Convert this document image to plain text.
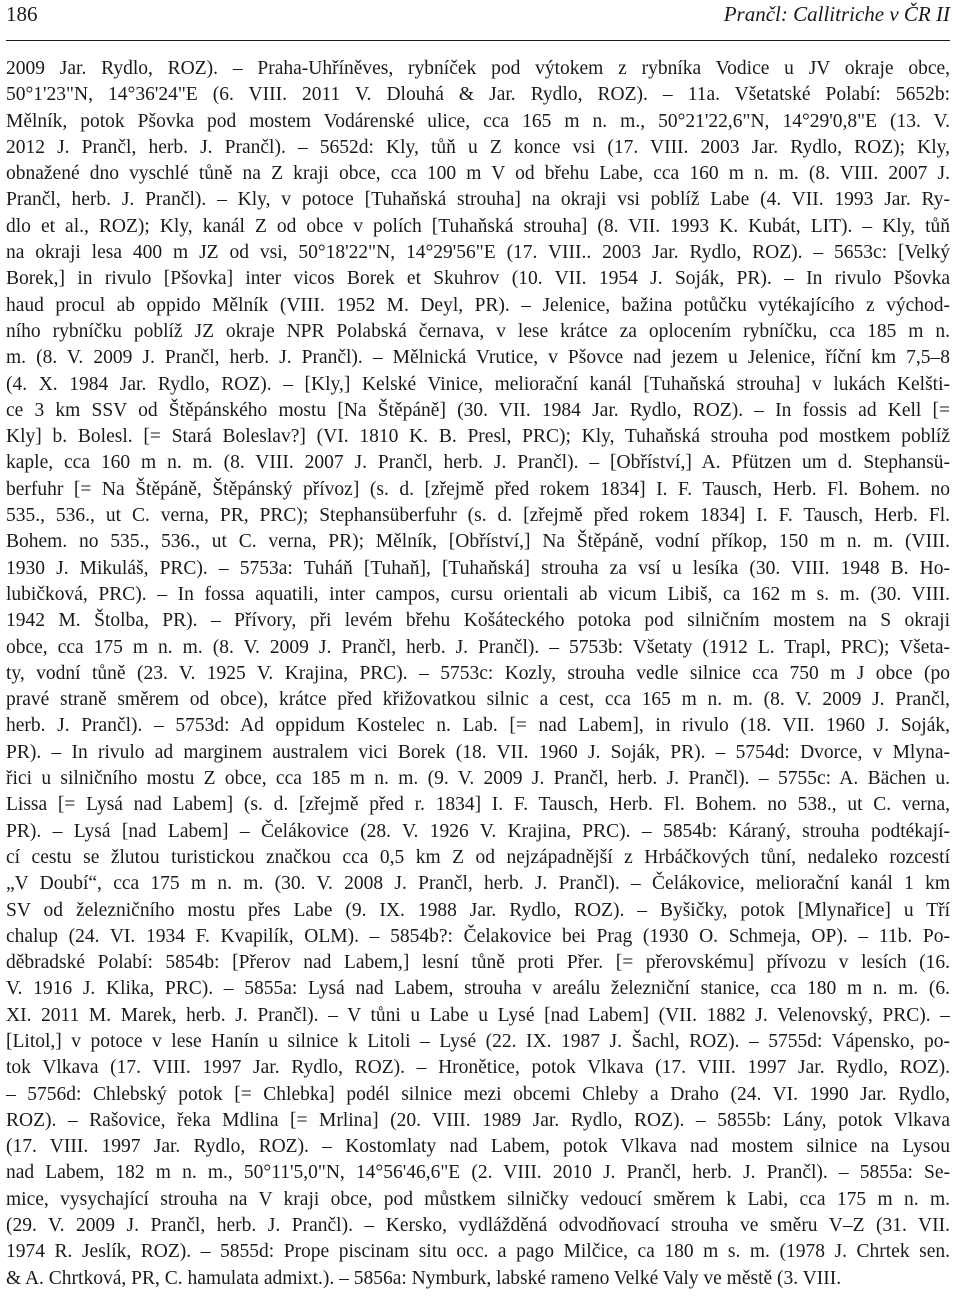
186	Prančl: Callitriche v ČR II
2009 Jar. Rydlo, ROZ). – Praha-Uhříněves, rybníček pod výtokem z rybníka Vodice u JV okraje obce,
50°1'23"N, 14°36'24"E (6. VIII. 2011 V. Dlouhá & Jar. Rydlo, ROZ). – 11a. Všetatské Polabí: 5652b:
Mělník, potok Pšovka pod mostem Vodárenské ulice, cca 165 m n. m., 50°21'22,6"N, 14°29'0,8"E (13. V.
2012 J. Prančl, herb. J. Prančl). – 5652d: Kly, tůň u Z konce vsi (17. VIII. 2003 Jar. Rydlo, ROZ); Kly,
obnažené dno vyschlé tůně na Z kraji obce, cca 100 m V od břehu Labe, cca 160 m n. m. (8. VIII. 2007 J.
Prančl, herb. J. Prančl). – Kly, v potoce [Tuhaňská strouha] na okraji vsi poblíž Labe (4. VII. 1993 Jar. Ry-
dlo et al., ROZ); Kly, kanál Z od obce v polích [Tuhaňská strouha] (8. VII. 1993 K. Kubát, LIT). – Kly, tůň
na okraji lesa 400 m JZ od vsi, 50°18'22"N, 14°29'56"E (17. VIII.. 2003 Jar. Rydlo, ROZ). – 5653c: [Velký
Borek,] in rivulo [Pšovka] inter vicos Borek et Skuhrov (10. VII. 1954 J. Soják, PR). – In rivulo Pšovka
haud procul ab oppido Mělník (VIII. 1952 M. Deyl, PR). – Jelenice, bažina potůčku vytékajícího z východ-
ního rybníčku poblíž JZ okraje NPR Polabská černava, v lese krátce za oplocením rybníčku, cca 185 m n.
m. (8. V. 2009 J. Prančl, herb. J. Prančl). – Mělnická Vrutice, v Pšovce nad jezem u Jelenice, říční km 7,5–8
(4. X. 1984 Jar. Rydlo, ROZ). – [Kly,] Kelské Vinice, meliorační kanál [Tuhaňská strouha] v lukách Kelšti-
ce 3 km SSV od Štěpánského mostu [Na Štěpáně] (30. VII. 1984 Jar. Rydlo, ROZ). – In fossis ad Kell [=
Kly] b. Bolesl. [= Stará Boleslav?] (VI. 1810 K. B. Presl, PRC); Kly, Tuhaňská strouha pod mostkem poblíž
kaple, cca 160 m n. m. (8. VIII. 2007 J. Prančl, herb. J. Prančl). – [Obříství,] A. Pfützen um d. Stephansü-
berfuhr [= Na Štěpáně, Štěpánský přívoz] (s. d. [zřejmě před rokem 1834] I. F. Tausch, Herb. Fl. Bohem. no
535., 536., ut C. verna, PR, PRC); Stephansüberfuhr (s. d. [zřejmě před rokem 1834] I. F. Tausch, Herb. Fl.
Bohem. no 535., 536., ut C. verna, PR); Mělník, [Obříství,] Na Štěpáně, vodní příkop, 150 m n. m. (VIII.
1930 J. Mikuláš, PRC). – 5753a: Tuháň [Tuhaň], [Tuhaňská] strouha za vsí u lesíka (30. VIII. 1948 B. Ho-
lubičková, PRC). – In fossa aquatili, inter campos, cursu orientali ab vicum Libiš, ca 162 m s. m. (30. VIII.
1942 M. Štolba, PR). – Přívory, při levém břehu Košáteckého potoka pod silničním mostem na S okraji
obce, cca 175 m n. m. (8. V. 2009 J. Prančl, herb. J. Prančl). – 5753b: Všetaty (1912 L. Trapl, PRC); Všeta-
ty, vodní tůně (23. V. 1925 V. Krajina, PRC). – 5753c: Kozly, strouha vedle silnice cca 750 m J obce (po
pravé straně směrem od obce), krátce před křižovatkou silnic a cest, cca 165 m n. m. (8. V. 2009 J. Prančl,
herb. J. Prančl). – 5753d: Ad oppidum Kostelec n. Lab. [= nad Labem], in rivulo (18. VII. 1960 J. Soják,
PR). – In rivulo ad marginem australem vici Borek (18. VII. 1960 J. Soják, PR). – 5754d: Dvorce, v Mlyna-
řici u silničního mostu Z obce, cca 185 m n. m. (9. V. 2009 J. Prančl, herb. J. Prančl). – 5755c: A. Bächen u.
Lissa [= Lysá nad Labem] (s. d. [zřejmě před r. 1834] I. F. Tausch, Herb. Fl. Bohem. no 538., ut C. verna,
PR). – Lysá [nad Labem] – Čelákovice (28. V. 1926 V. Krajina, PRC). – 5854b: Káraný, strouha podtékají-
cí cestu se žlutou turistickou značkou cca 0,5 km Z od nejzápadnější z Hrbáčkových tůní, nedaleko rozcestí
„V Doubí“, cca 175 m n. m. (30. V. 2008 J. Prančl, herb. J. Prančl). – Čelákovice, meliorační kanál 1 km
SV od železničního mostu přes Labe (9. IX. 1988 Jar. Rydlo, ROZ). – Byšičky, potok [Mlynařice] u Tří
chalup (24. VI. 1934 F. Kvapilík, OLM). – 5854b?: Čelakovice bei Prag (1930 O. Schmeja, OP). – 11b. Po-
děbradské Polabí: 5854b: [Přerov nad Labem,] lesní tůně proti Přer. [= přerovskému] přívozu v lesích (16.
V. 1916 J. Klika, PRC). – 5855a: Lysá nad Labem, strouha v areálu železniční stanice, cca 180 m n. m. (6.
XI. 2011 M. Marek, herb. J. Prančl). – V tůni u Labe u Lysé [nad Labem] (VII. 1882 J. Velenovský, PRC). –
[Litol,] v potoce v lese Hanín u silnice k Litoli – Lysé (22. IX. 1987 J. Šachl, ROZ). – 5755d: Vápensko, po-
tok Vlkava (17. VIII. 1997 Jar. Rydlo, ROZ). – Hronětice, potok Vlkava (17. VIII. 1997 Jar. Rydlo, ROZ).
– 5756d: Chlebský potok [= Chlebka] podél silnice mezi obcemi Chleby a Draho (24. VI. 1990 Jar. Rydlo,
ROZ). – Rašovice, řeka Mdlina [= Mrlina] (20. VIII. 1989 Jar. Rydlo, ROZ). – 5855b: Lány, potok Vlkava
(17. VIII. 1997 Jar. Rydlo, ROZ). – Kostomlaty nad Labem, potok Vlkava nad mostem silnice na Lysou
nad Labem, 182 m n. m., 50°11'5,0"N, 14°56'46,6"E (2. VIII. 2010 J. Prančl, herb. J. Prančl). – 5855a: Se-
mice, vysychající strouha na V kraji obce, pod můstkem silničky vedoucí směrem k Labi, cca 175 m n. m.
(29. V. 2009 J. Prančl, herb. J. Prančl). – Kersko, vydlážděná odvodňovací strouha ve směru V–Z (31. VII.
1974 R. Jeslík, ROZ). – 5855d: Prope piscinam situ occ. a pago Milčice, ca 180 m s. m. (1978 J. Chrtek sen.
& A. Chrtková, PR, C. hamulata admixt.). – 5856a: Nymburk, labské rameno Velké Valy ve městě (3. VIII.
